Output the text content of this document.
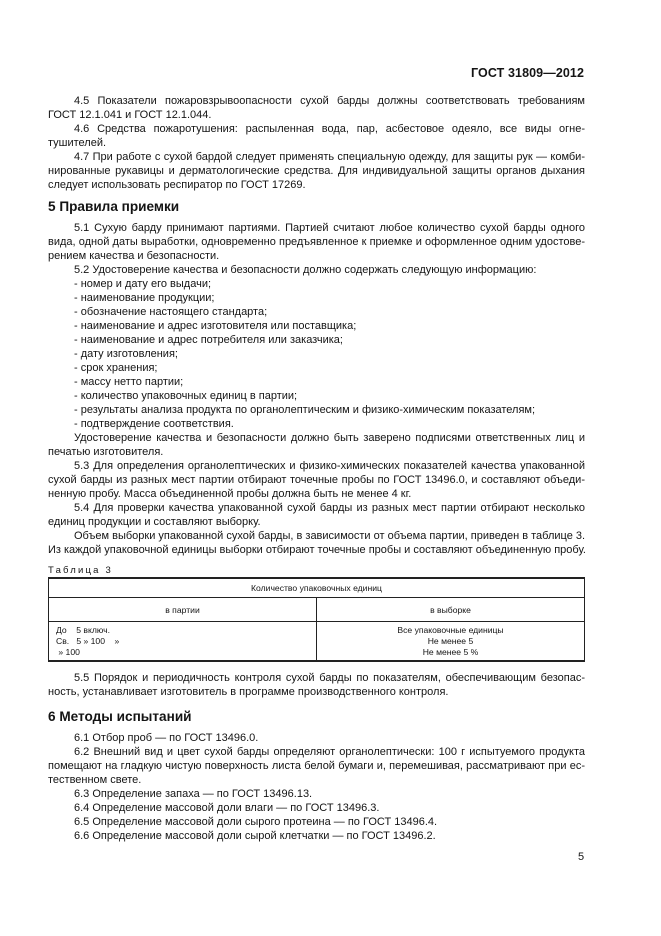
ГОСТ 31809—2012
4.5 Показатели пожаровзрывоопасности сухой барды должны соответствовать требованиям
ГОСТ 12.1.041 и ГОСТ 12.1.044.
4.6 Средства пожаротушения: распыленная вода, пар, асбестовое одеяло, все виды огне-
тушителей.
4.7 При работе с сухой бардой следует применять специальную одежду, для защиты рук — комби-
нированные рукавицы и дерматологические средства. Для индивидуальной защиты органов дыхания
следует использовать респиратор по ГОСТ 17269.
5 Правила приемки
5.1 Сухую барду принимают партиями. Партией считают любое количество сухой барды одного
вида, одной даты выработки, одновременно предъявленное к приемке и оформленное одним удостове-
рением качества и безопасности.
5.2 Удостоверение качества и безопасности должно содержать следующую информацию:
- номер и дату его выдачи;
- наименование продукции;
- обозначение настоящего стандарта;
- наименование и адрес изготовителя или поставщика;
- наименование и адрес потребителя или заказчика;
- дату изготовления;
- срок хранения;
- массу нетто партии;
- количество упаковочных единиц в партии;
- результаты анализа продукта по органолептическим и физико-химическим показателям;
- подтверждение соответствия.
Удостоверение качества и безопасности должно быть заверено подписями ответственных лиц и
печатью изготовителя.
5.3 Для определения органолептических и физико-химических показателей качества упакованной
сухой барды из разных мест партии отбирают точечные пробы по ГОСТ 13496.0, и составляют объеди-
ненную пробу. Масса объединенной пробы должна быть не менее 4 кг.
5.4 Для проверки качества упакованной сухой барды из разных мест партии отбирают несколько
единиц продукции и составляют выборку.
Объем выборки упакованной сухой барды, в зависимости от объема партии, приведен в таблице 3.
Из каждой упаковочной единицы выборки отбирают точечные пробы и составляют объединенную пробу.
Таблица 3
Количество упаковочных единиц
в партии	в выборке
До    5 включ.
Св.   5 » 100    »
» 100
Все упаковочные единицы
Не менее 5
Не менее 5 %
5.5 Порядок и периодичность контроля сухой барды по показателям, обеспечивающим безопас-
ность, устанавливает изготовитель в программе производственного контроля.
6 Методы испытаний
6.1 Отбор проб — по ГОСТ 13496.0.
6.2 Внешний вид и цвет сухой барды определяют органолептически: 100 г испытуемого продукта
помещают на гладкую чистую поверхность листа белой бумаги и, перемешивая, рассматривают при ес-
тественном свете.
6.3 Определение запаха — по ГОСТ 13496.13.
6.4 Определение массовой доли влаги — по ГОСТ 13496.3.
6.5 Определение массовой доли сырого протеина — по ГОСТ 13496.4.
6.6 Определение массовой доли сырой клетчатки — по ГОСТ 13496.2.
5
